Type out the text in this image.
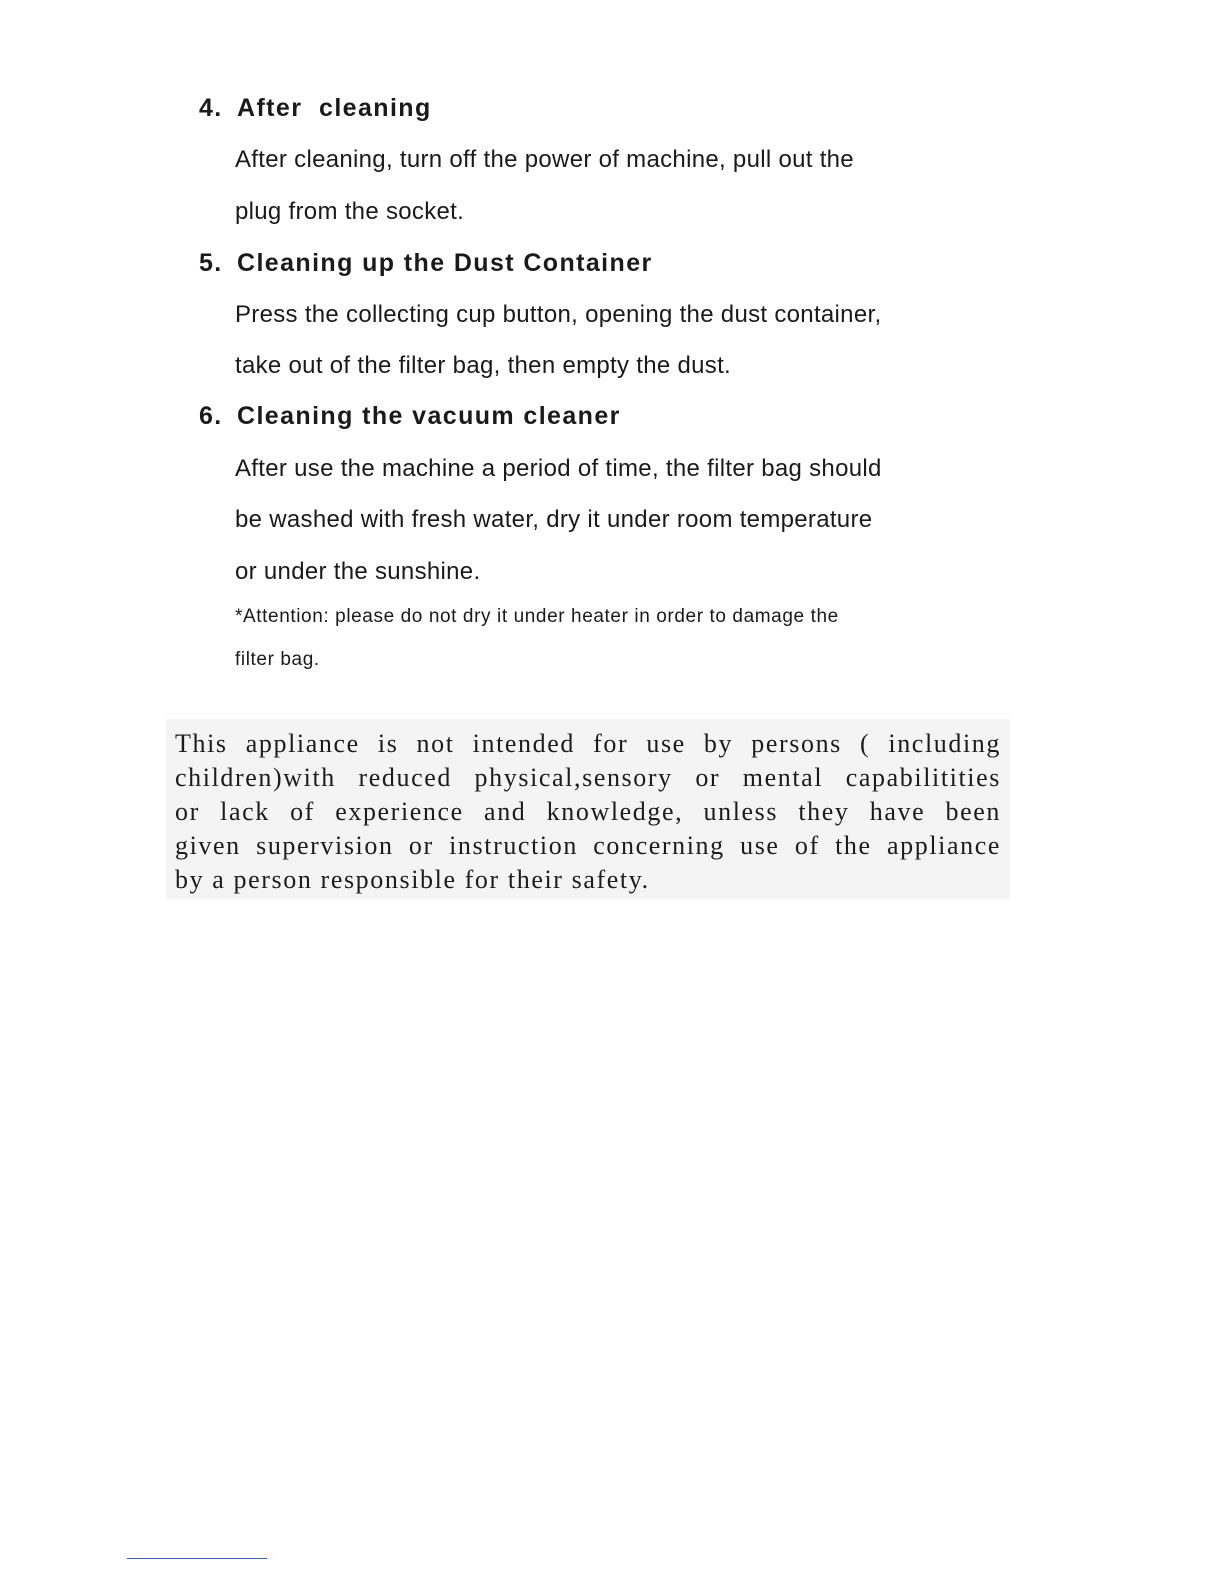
4. After  cleaning

After cleaning, turn off the power of machine, pull out the

plug from the socket.

5. Cleaning up the Dust Container

Press the collecting cup button, opening the dust container,

take out of the filter bag, then empty the dust.

6. Cleaning the vacuum cleaner

After use the machine a period of time, the filter bag should

be washed with fresh water, dry it under room temperature

or under the sunshine.

*Attention: please do not dry it under heater in order to damage the

filter bag.

This appliance is not intended for use by persons ( including

children)with reduced physical,sensory or mental capabilitities

or lack of experience and knowledge, unless they have been

given supervision or instruction concerning use of the appliance

by a person responsible for their safety.
